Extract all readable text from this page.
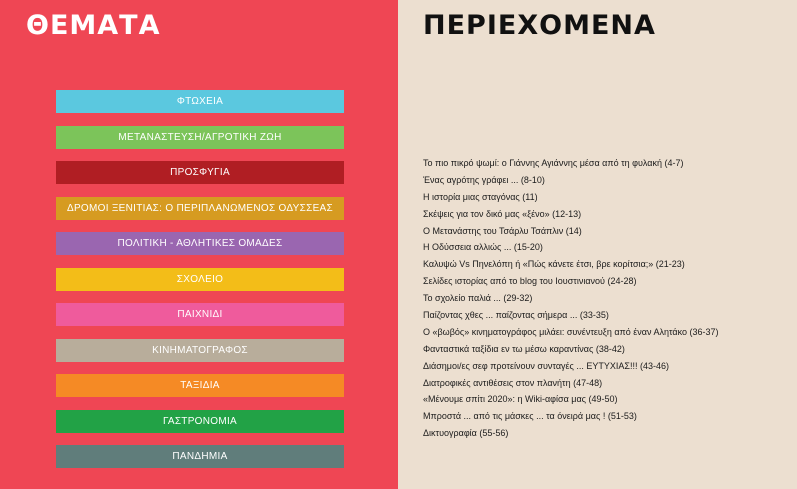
ΘΕΜΑΤΑ	ΠΕΡΙΕΧΟΜΕΝΑ
ΦΤΩΧΕΙΑ
ΜΕΤΑΝΑΣΤΕΥΣΗ/ΑΓΡΟΤΙΚΗ ΖΩΗ
ΠΡΟΣΦΥΓΙΑ
ΔΡΟΜΟΙ ΞΕΝΙΤΙΑΣ: Ο ΠΕΡΙΠΛΑΝΩΜΕΝΟΣ ΟΔΥΣΣΕΑΣ
ΠΟΛΙΤΙΚΗ - ΑΘΛΗΤΙΚΕΣ ΟΜΑΔΕΣ
ΣΧΟΛΕΙΟ
ΠΑΙΧΝΙΔΙ
ΚΙΝΗΜΑΤΟΓΡΑΦΟΣ
ΤΑΞΙΔΙΑ
ΓΑΣΤΡΟΝΟΜΙΑ
ΠΑΝΔΗΜΙΑ
Το πιο πικρό ψωμί: ο Γιάννης Αγιάννης μέσα από τη φυλακή (4-7)
Ένας αγρότης γράφει ... (8-10)
Η ιστορία μιας σταγόνας (11)
Σκέψεις για τον δικό μας «ξένο» (12-13)
Ο Μετανάστης του Τσάρλυ Τσάπλιν (14)
Η Οδύσσεια αλλιώς ... (15-20)
Καλυψώ Vs Πηνελόπη ή «Πώς κάνετε έτσι, βρε κορίτσια;» (21-23)
Σελίδες ιστορίας από το blog του Ιουστινιανού (24-28)
Το σχολείο παλιά ... (29-32)
Παίζοντας χθες ... παίζοντας σήμερα ... (33-35)
Ο «βωβός» κινηματογράφος μιλάει: συνέντευξη από έναν Αλητάκο (36-37)
Φανταστικά ταξίδια εν τω μέσω καραντίνας (38-42)
Διάσημοι/ες σεφ προτείνουν συνταγές ... ΕΥΤΥΧΙΑΣ!!! (43-46)
Διατροφικές αντιθέσεις στον πλανήτη (47-48)
«Μένουμε σπίτι 2020»: η Wiki-αφίσα μας (49-50)
Μπροστά ... από τις μάσκες ... τα όνειρά μας ! (51-53)
Δικτυογραφία (55-56)
